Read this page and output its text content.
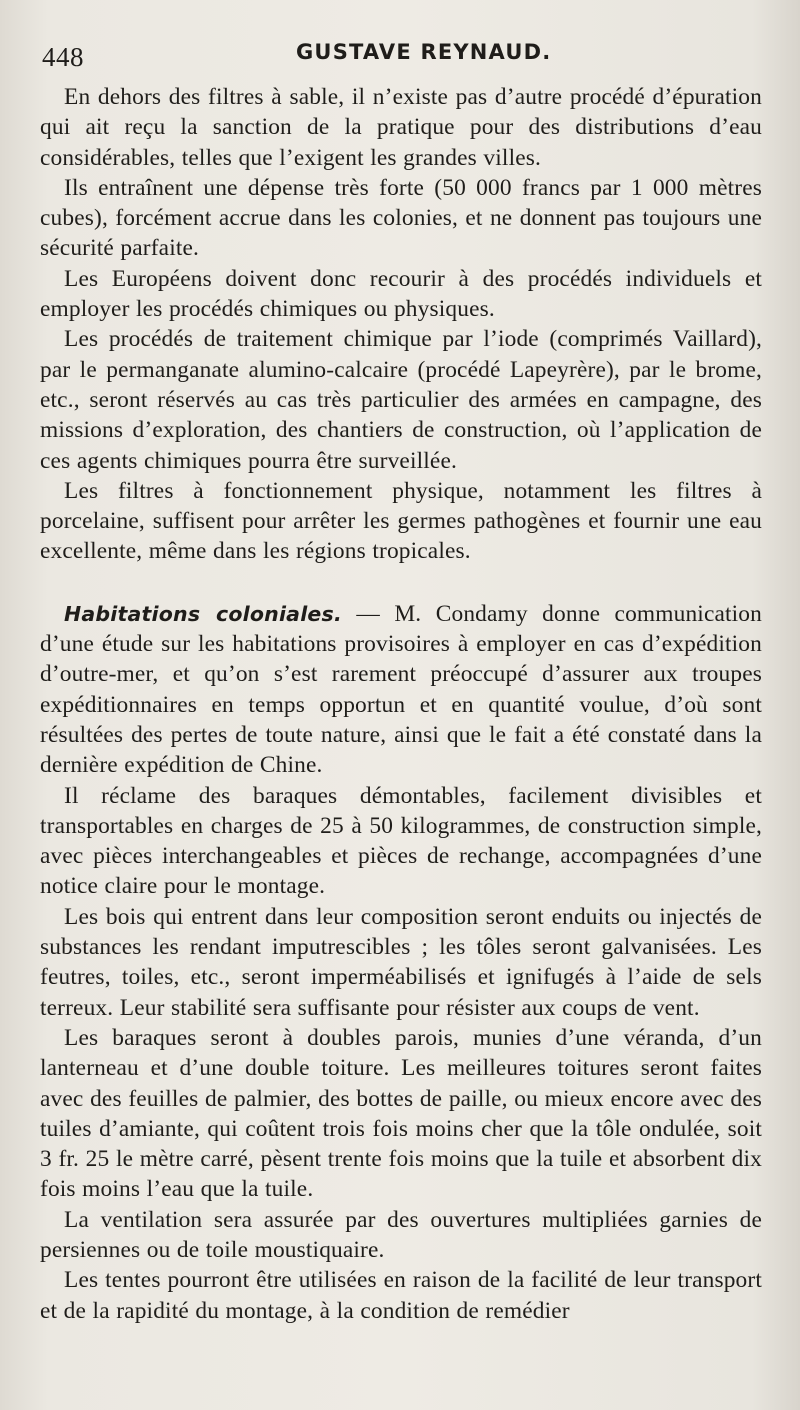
448	GUSTAVE REYNAUD.

En dehors des filtres à sable, il n’existe pas d’autre procédé d’épuration qui ait reçu la sanction de la pratique pour des distributions d’eau considérables, telles que l’exigent les grandes villes.

Ils entraînent une dépense très forte (50 000 francs par 1 000 mètres cubes), forcément accrue dans les colonies, et ne donnent pas toujours une sécurité parfaite.

Les Européens doivent donc recourir à des procédés individuels et employer les procédés chimiques ou physiques.

Les procédés de traitement chimique par l’iode (comprimés Vaillard), par le permanganate alumino-calcaire (procédé Lapeyrère), par le brome, etc., seront réservés au cas très particulier des armées en campagne, des missions d’exploration, des chantiers de construction, où l’application de ces agents chimiques pourra être surveillée.

Les filtres à fonctionnement physique, notamment les filtres à porcelaine, suffisent pour arrêter les germes pathogènes et fournir une eau excellente, même dans les régions tropicales.

Habitations coloniales. — M. Condamy donne communication d’une étude sur les habitations provisoires à employer en cas d’expédition d’outre-mer, et qu’on s’est rarement préoccupé d’assurer aux troupes expéditionnaires en temps opportun et en quantité voulue, d’où sont résultées des pertes de toute nature, ainsi que le fait a été constaté dans la dernière expédition de Chine.

Il réclame des baraques démontables, facilement divisibles et transportables en charges de 25 à 50 kilogrammes, de construction simple, avec pièces interchangeables et pièces de rechange, accompagnées d’une notice claire pour le montage.

Les bois qui entrent dans leur composition seront enduits ou injectés de substances les rendant imputrescibles ; les tôles seront galvanisées. Les feutres, toiles, etc., seront imperméabilisés et ignifugés à l’aide de sels terreux. Leur stabilité sera suffisante pour résister aux coups de vent.

Les baraques seront à doubles parois, munies d’une véranda, d’un lanterneau et d’une double toiture. Les meilleures toitures seront faites avec des feuilles de palmier, des bottes de paille, ou mieux encore avec des tuiles d’amiante, qui coûtent trois fois moins cher que la tôle ondulée, soit 3 fr. 25 le mètre carré, pèsent trente fois moins que la tuile et absorbent dix fois moins l’eau que la tuile.

La ventilation sera assurée par des ouvertures multipliées garnies de persiennes ou de toile moustiquaire.

Les tentes pourront être utilisées en raison de la facilité de leur transport et de la rapidité du montage, à la condition de remédier
